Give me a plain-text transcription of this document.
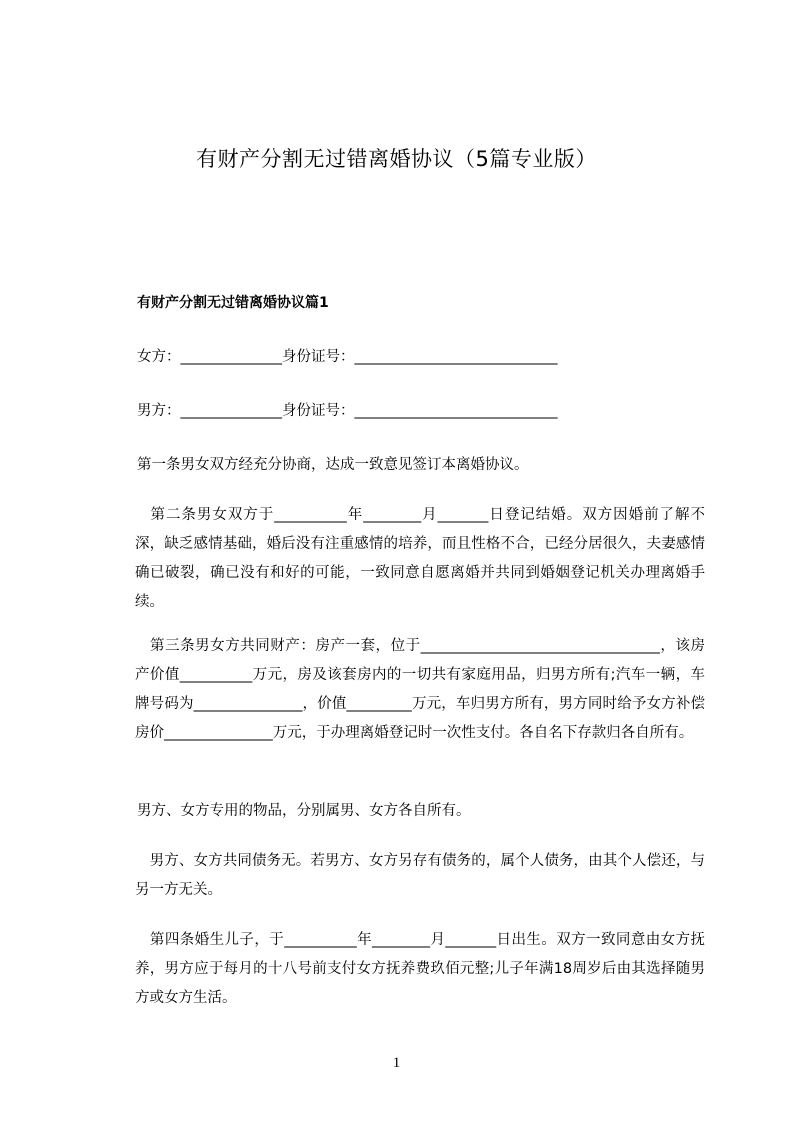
有财产分割无过错离婚协议（5篇专业版）
有财产分割无过错离婚协议篇1
女方：______________身份证号：____________________________
男方：______________身份证号：____________________________
第一条男女双方经充分协商，达成一致意见签订本离婚协议。
　第二条男女双方于__________年________月_______日登记结婚。双方因婚前了解不深，缺乏感情基础，婚后没有注重感情的培养，而且性格不合，已经分居很久，夫妻感情确已破裂，确已没有和好的可能，一致同意自愿离婚并共同到婚姻登记机关办理离婚手续。
　第三条男女方共同财产：房产一套，位于_________________________________，该房产价值__________万元，房及该套房内的一切共有家庭用品，归男方所有;汽车一辆，车牌号码为_______________，价值_________万元，车归男方所有，男方同时给予女方补偿房价_______________万元，于办理离婚登记时一次性支付。各自名下存款归各自所有。
男方、女方专用的物品，分别属男、女方各自所有。
　男方、女方共同债务无。若男方、女方另存有债务的，属个人债务，由其个人偿还，与另一方无关。
　第四条婚生儿子，于__________年________月_______日出生。双方一致同意由女方抚养，男方应于每月的十八号前支付女方抚养费玖佰元整;儿子年满18周岁后由其选择随男方或女方生活。
1
